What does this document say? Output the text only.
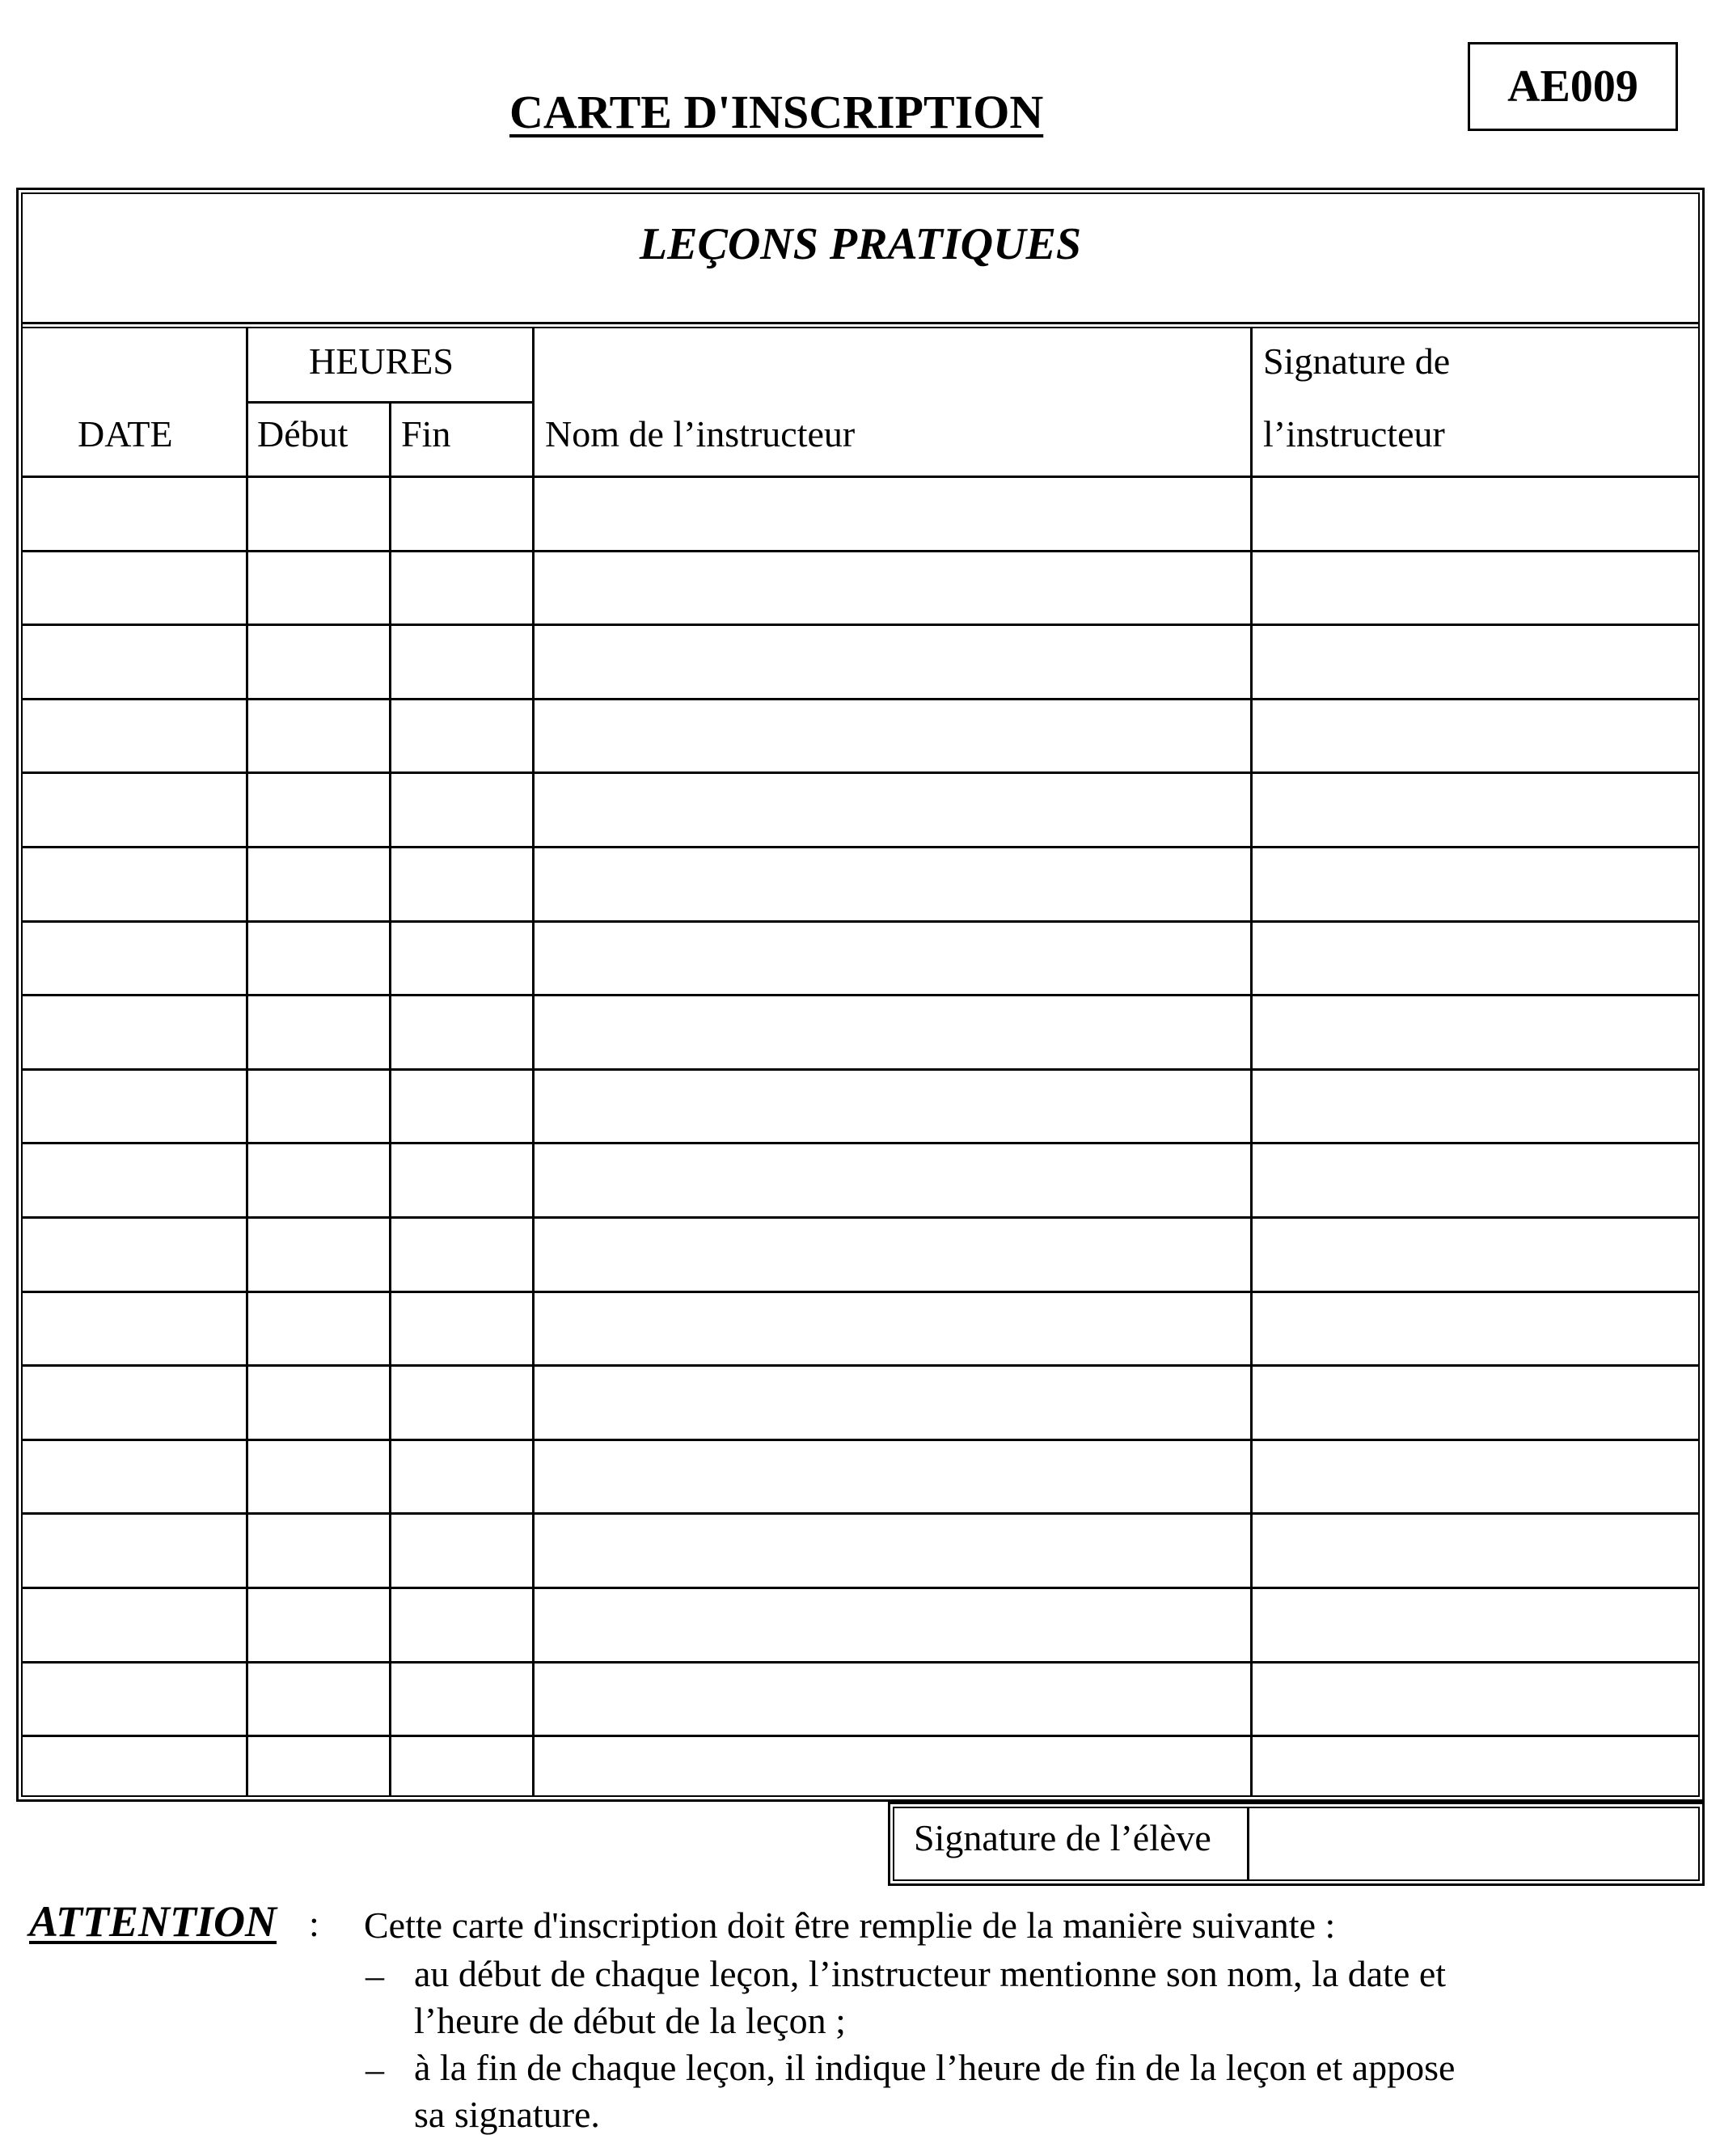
CARTE D'INSCRIPTION	AE009
LEÇONS PRATIQUES
DATE
HEURES
Début Fin	Nom de l’instructeur
Signature de
l’instructeur
Signature de l’élève
ATTENTION : Cette carte d'inscription doit être remplie de la manière suivante :
– au début de chaque leçon, l’instructeur mentionne son nom, la date et
l’heure de début de la leçon ;
– à la fin de chaque leçon, il indique l’heure de fin de la leçon et appose
sa signature.
